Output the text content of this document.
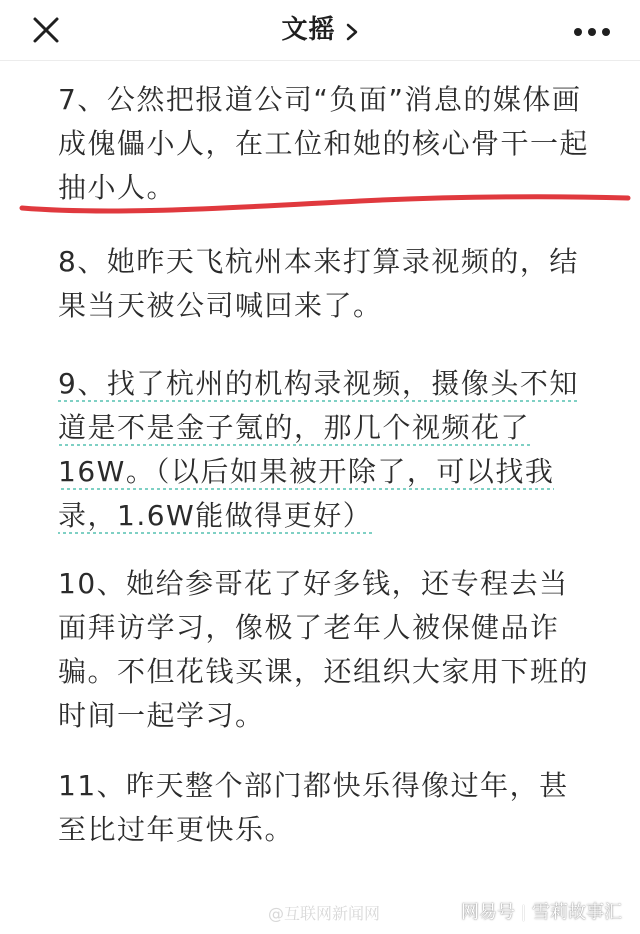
文摇

7、公然把报道公司“负面”消息的媒体画成傀儡小人，在工位和她的核心骨干一起抽小人。

8、她昨天飞杭州本来打算录视频的，结果当天被公司喊回来了。

9、找了杭州的机构录视频，摄像头不知道是不是金子氪的，那几个视频花了16W。（以后如果被开除了，可以找我录，1.6W能做得更好）

10、她给参哥花了好多钱，还专程去当面拜访学习，像极了老年人被保健品诈骗。不但花钱买课，还组织大家用下班的时间一起学习。

11、昨天整个部门都快乐得像过年，甚至比过年更快乐。

@互联网新闻网	网易号 雪莉故事汇
